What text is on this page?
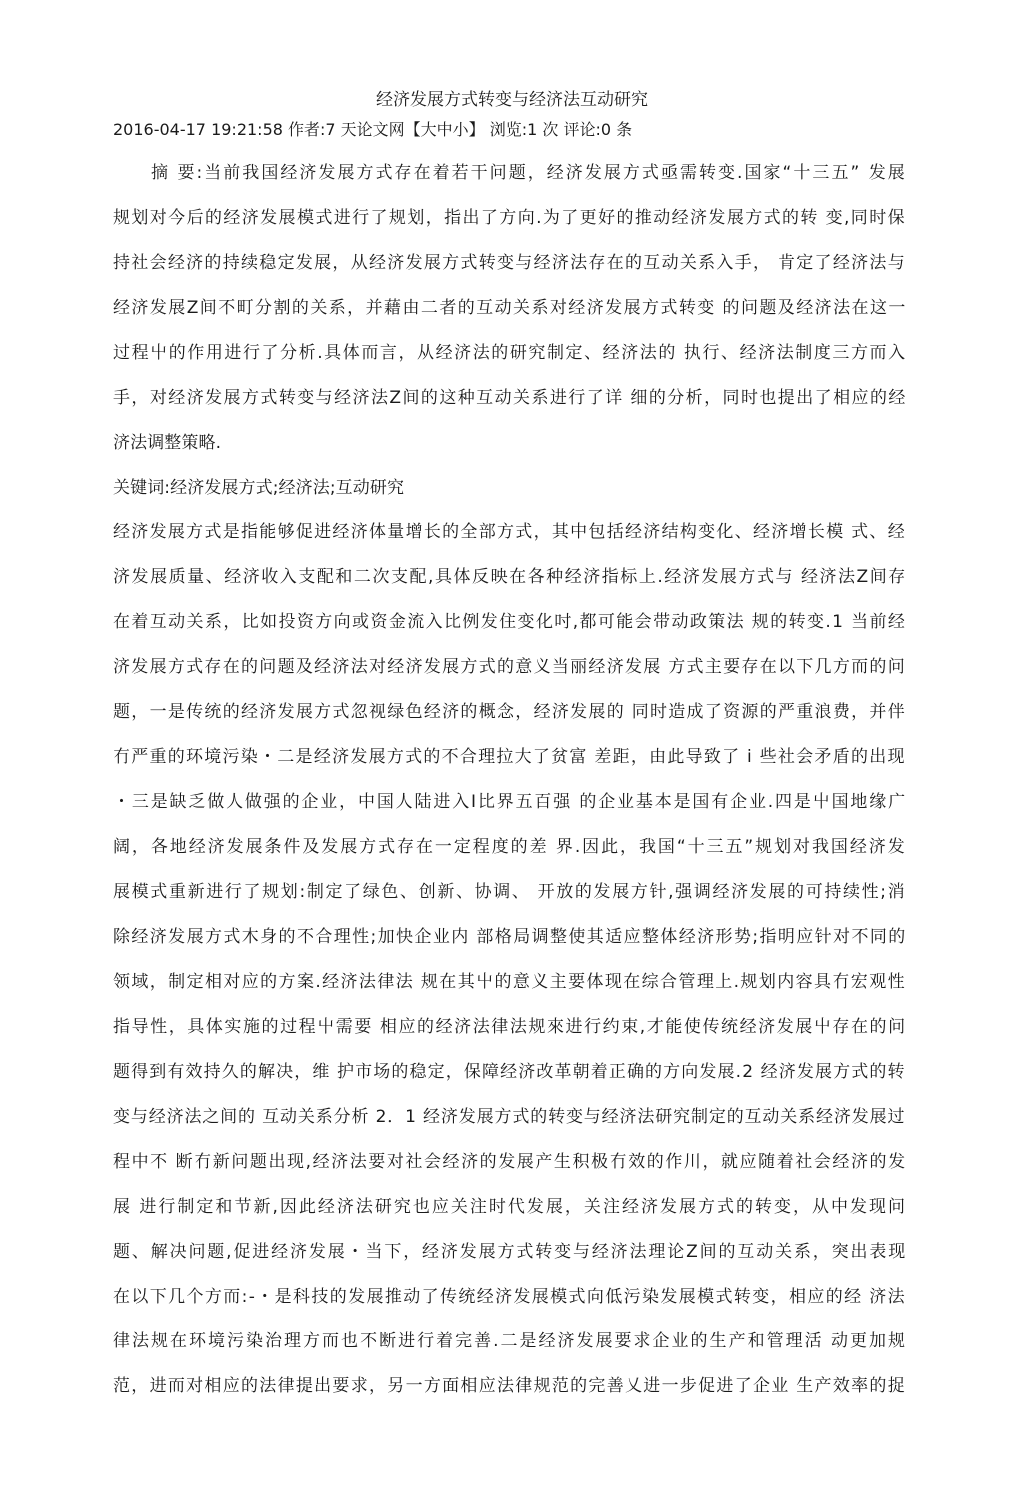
经济发展方式转变与经济法互动研究
2016-04-17 19:21:58 作者:7 天论文网【大中小】 浏览:1 次 评论:0 条
摘 要:当前我国经济发展方式存在着若干问题，经济发展方式亟需转变.国家“十三五” 发展
规划对今后的经济发展模式进行了规划，指出了方向.为了更好的推动经济发展方式的转 变,同时保
持社会经济的持续稳定发展，从经济发展方式转变与经济法存在的互动关系入手， 肯定了经济法与
经济发展Z间不町分割的关系，并藉由二者的互动关系对经济发展方式转变 的问题及经济法在这一
过程屮的作用进行了分析.具体而言，从经济法的研究制定、经济法的 执行、经济法制度三方而入
手，对经济发展方式转变与经济法Z间的这种互动关系进行了详 细的分析，同时也提出了相应的经
济法调整策略.
关键词:经济发展方式;经济法;互动研究
经济发展方式是指能够促进经济体量增长的全部方式，其中包括经济结构变化、经济增长模 式、经
济发展质量、经济收入支配和二次支配,具体反映在各种经济指标上.经济发展方式与 经济法Z间存
在着互动关系，比如投资方向或资金流入比例发住变化吋,都可能会带动政策法 规的转变.1 当前经
济发展方式存在的问题及经济法对经济发展方式的意义当丽经济发展 方式主要存在以下几方而的问
题，一是传统的经济发展方式忽视绿色经济的概念，经济发展的 同时造成了资源的严重浪费，并伴
冇严重的环境污染・二是经济发展方式的不合理拉大了贫富 差距，由此导致了 i 些社会矛盾的出现
・三是缺乏做人做强的企业，中国人陆进入I比界五百强 的企业基本是国有企业.四是屮国地缘广
阔，各地经济发展条件及发展方式存在一定程度的差 界.因此，我国“十三五”规划对我国经济发
展模式重新进行了规划:制定了绿色、创新、协调、 开放的发展方针,强调经济发展的可持续性;消
除经济发展方式木身的不合理性;加快企业内 部格局调整使其适应整体经济形势;指明应针对不同的
领域，制定相对应的方案.经济法律法 规在其屮的意义主要体现在综合管理上.规划内容具冇宏观性
指导性，具体实施的过程屮需要 相应的经济法律法规來进行约束,才能使传统经济发展屮存在的问
题得到有效持久的解决，维 护市场的稳定，保障经济改革朝着正确的方向发展.2 经济发展方式的转
变与经济法之间的 互动关系分析 2．1 经济发展方式的转变与经济法研究制定的互动关系经济发展过
程中不 断冇新问题出现,经济法要对社会经济的发展产生积极冇效的作川，就应随着社会经济的发
展 进行制定和节新,因此经济法研究也应关注时代发展，关注经济发展方式的转变，从中发现问
题、解决问题,促进经济发展・当下，经济发展方式转变与经济法理论Z间的互动关系，突出表现
在以下几个方而:-・是科技的发展推动了传统经济发展模式向低污染发展模式转变，相应的经 济法
律法规在环境污染治理方而也不断进行着完善.二是经济发展要求企业的生产和管理活 动更加规
范，进而对相应的法律提出要求，另一方面相应法律规范的完善乂进一步促进了企业 生产效率的捉
